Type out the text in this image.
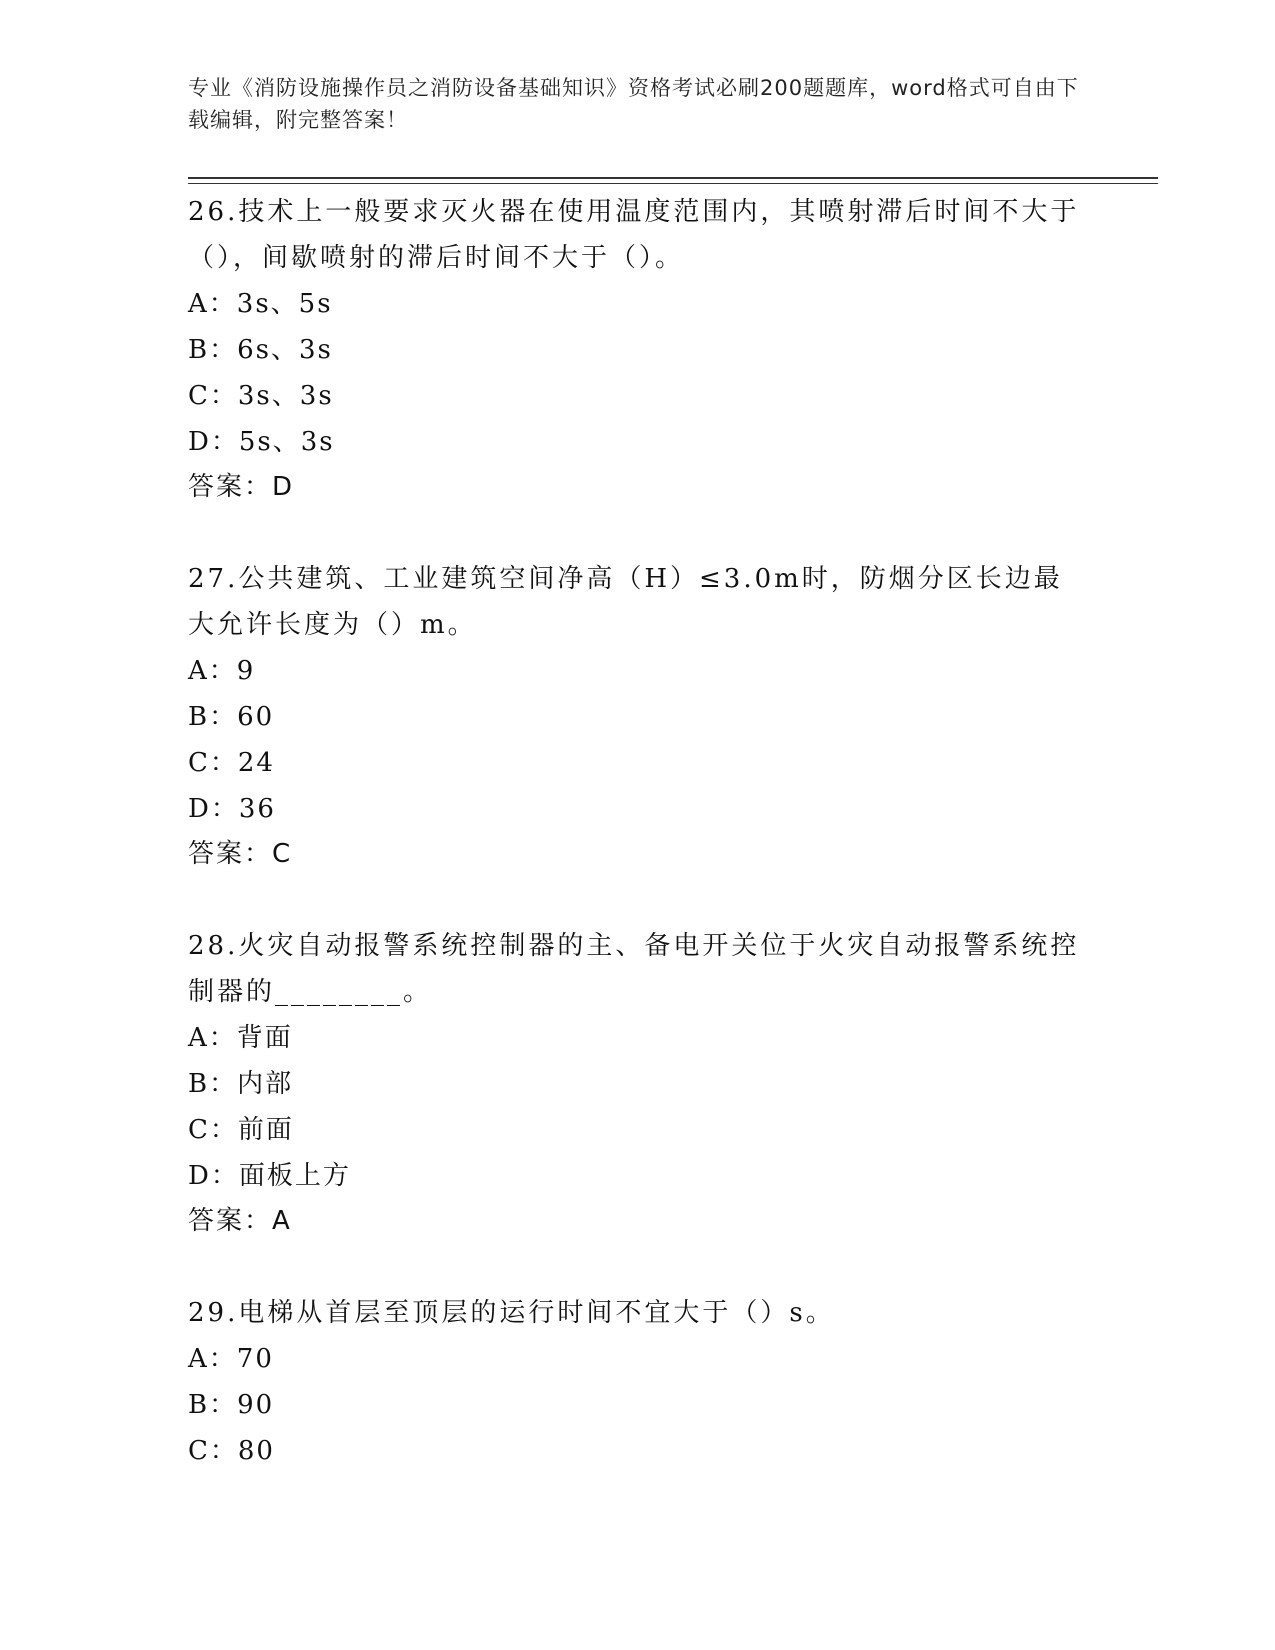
专业《消防设施操作员之消防设备基础知识》资格考试必刷200题题库，word格式可自由下载编辑，附完整答案！
26.技术上一般要求灭火器在使用温度范围内，其喷射滞后时间不大于（），间歇喷射的滞后时间不大于（）。
A：3s、5s
B：6s、3s
C：3s、3s
D：5s、3s
答案：D
27.公共建筑、工业建筑空间净高（H）≤3.0m时，防烟分区长边最大允许长度为（）m。
A：9
B：60
C：24
D：36
答案：C
28.火灾自动报警系统控制器的主、备电开关位于火灾自动报警系统控制器的________。
A：背面
B：内部
C：前面
D：面板上方
答案：A
29.电梯从首层至顶层的运行时间不宜大于（）s。
A：70
B：90
C：80
